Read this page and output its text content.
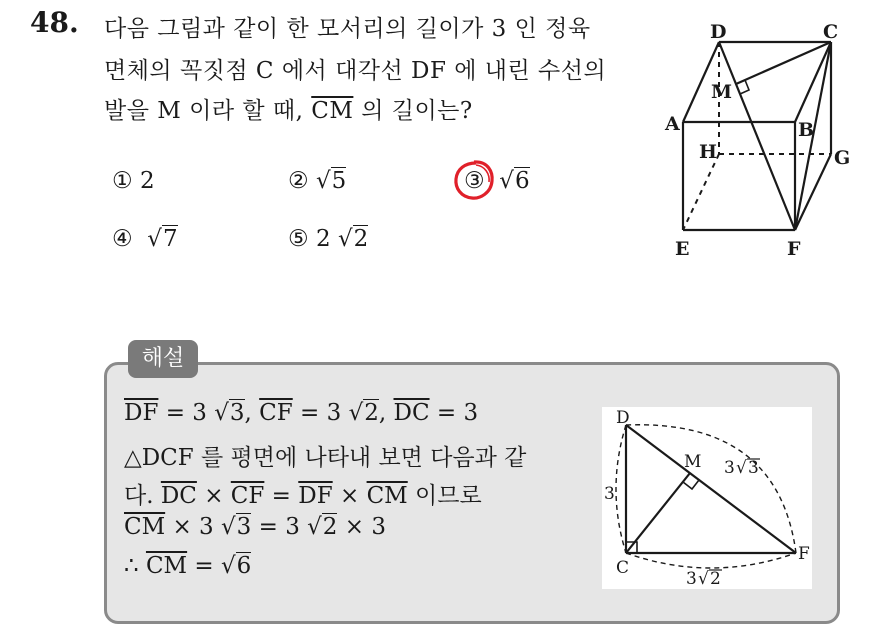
48. 다음 그림과 같이 한 모서리의 길이가 3 인 정육
면체의 꼭짓점 C 에서 대각선 DF 에 내린 수선의
발을 M 이라 할 때, $\overline{CM}$ 의 길이는?
① 2	② √5	③ √6
④ √7	⑤ 2 √2
D	C
M
A	B
H	G
E	F
해설
$\overline{DF} = 3$ √3, $\overline{CF} = 3$ √2, $\overline{DC} = 3$
△DCF 를 평면에 나타내 보면 다음과 같
다. $\overline{DC} \times \overline{CF} = \overline{DF} \times \overline{CM}$ 이므로
$\overline{CM} \times 3$ √3 = 3 √2 × 3
∴ $\overline{CM} = √6$
D
M
C
F
3
3 √ 3
3 √ 2
